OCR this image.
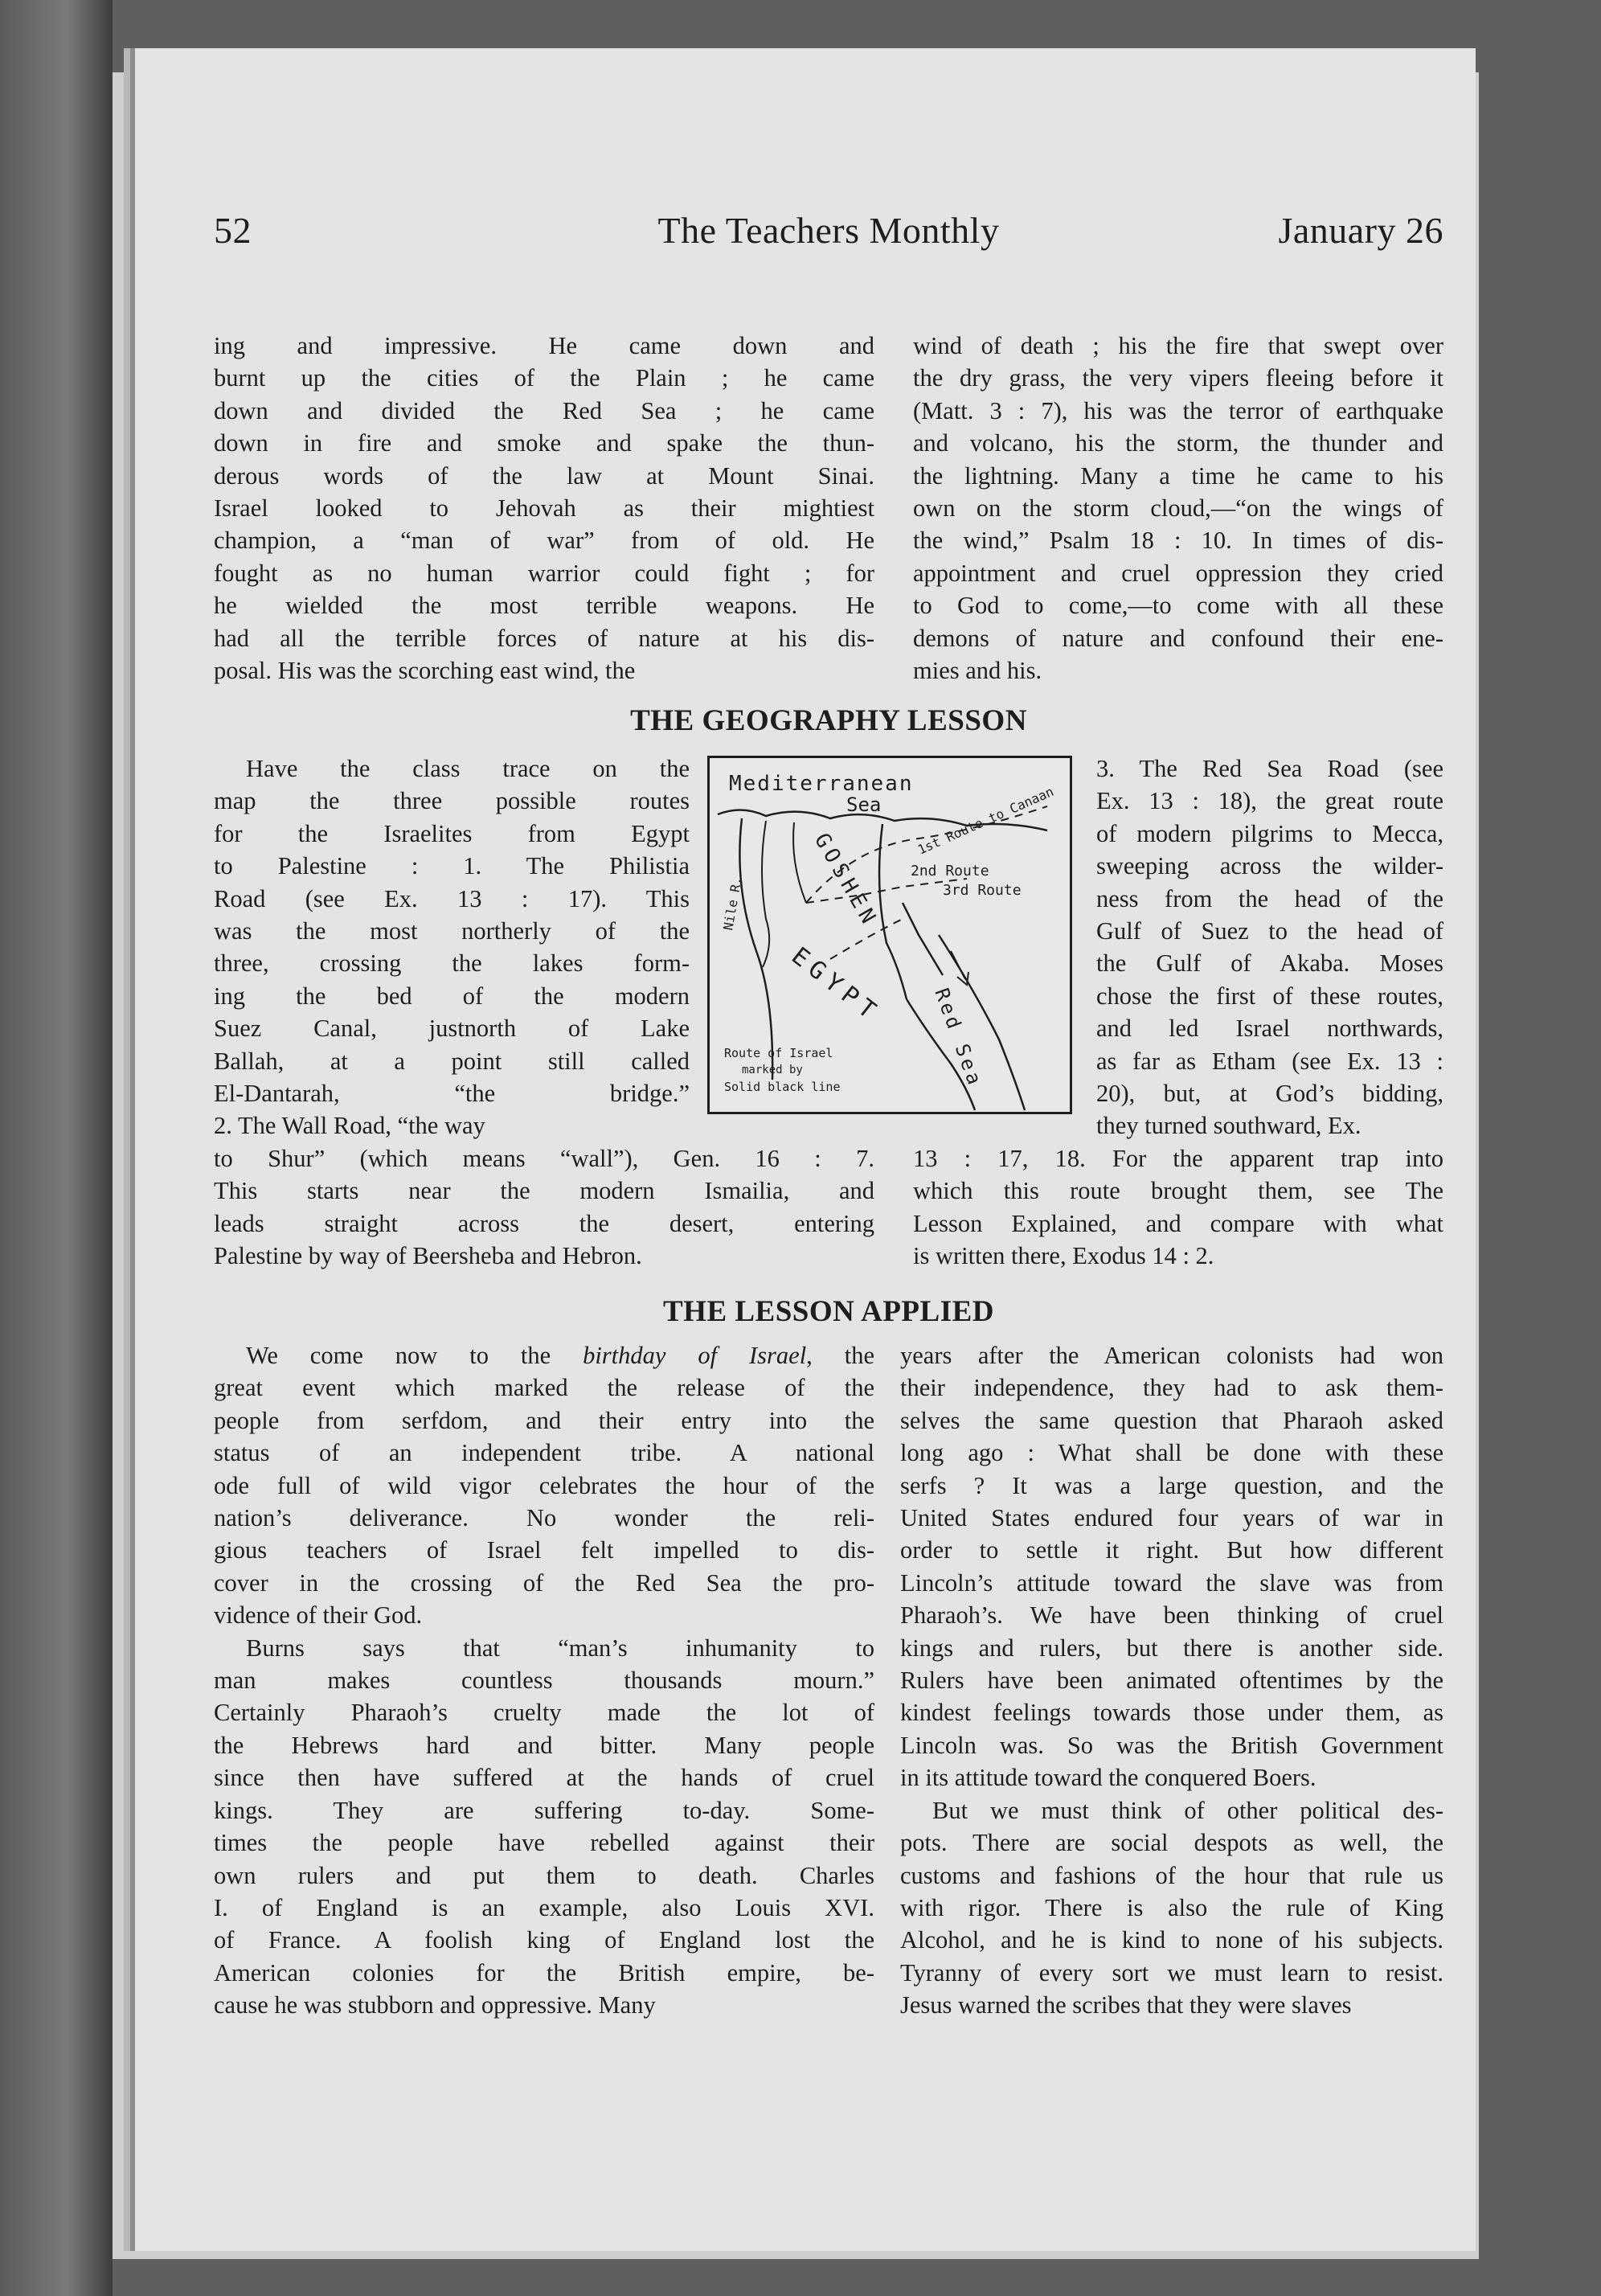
52	The Teachers Monthly	January 26
ing and impressive. He came down and
burnt up the cities of the Plain ; he came
down and divided the Red Sea ; he came
down in fire and smoke and spake the thun-
derous words of the law at Mount Sinai.
Israel looked to Jehovah as their mightiest
champion, a “man of war” from of old. He
fought as no human warrior could fight ; for
he wielded the most terrible weapons. He
had all the terrible forces of nature at his dis-
posal. His was the scorching east wind, the
wind of death ; his the fire that swept over
the dry grass, the very vipers fleeing before it
(Matt. 3 : 7), his was the terror of earthquake
and volcano, his the storm, the thunder and
the lightning. Many a time he came to his
own on the storm cloud,—“on the wings of
the wind,” Psalm 18 : 10. In times of dis-
appointment and cruel oppression they cried
to God to come,—to come with all these
demons of nature and confound their ene-
mies and his.
THE GEOGRAPHY LESSON
Have the class trace on the
map the three possible routes
for the Israelites from Egypt
to Palestine : 1. The Philistia
Road (see Ex. 13 : 17). This
was the most northerly of the
three, crossing the lakes form-
ing the bed of the modern
Suez Canal, justnorth of Lake
Ballah, at a point still called
El-Dantarah, “the bridge.”
2. The Wall Road, “the way
3. The Red Sea Road (see
Ex. 13 : 18), the great route
of modern pilgrims to Mecca,
sweeping across the wilder-
ness from the head of the
Gulf of Suez to the head of
the Gulf of Akaba. Moses
chose the first of these routes,
and led Israel northwards,
as far as Etham (see Ex. 13 :
20), but, at God’s bidding,
they turned southward, Ex.
Mediterranean
Sea	1st Route to Canaan
2nd Route
3rd Route
GOSHEN
Nile R.
EGYPT Red Sea
Route of Israel
marked by
Solid black line
to Shur” (which means “wall”), Gen. 16 : 7.
This starts near the modern Ismailia, and
leads straight across the desert, entering
Palestine by way of Beersheba and Hebron.
13 : 17, 18. For the apparent trap into
which this route brought them, see The
Lesson Explained, and compare with what
is written there, Exodus 14 : 2.
THE LESSON APPLIED
We come now to the birthday of Israel, the
great event which marked the release of the
people from serfdom, and their entry into the
status of an independent tribe. A national
ode full of wild vigor celebrates the hour of the
nation’s deliverance. No wonder the reli-
gious teachers of Israel felt impelled to dis-
cover in the crossing of the Red Sea the pro-
vidence of their God.
Burns says that “man’s inhumanity to
man makes countless thousands mourn.”
Certainly Pharaoh’s cruelty made the lot of
the Hebrews hard and bitter. Many people
since then have suffered at the hands of cruel
kings. They are suffering to-day. Some-
times the people have rebelled against their
own rulers and put them to death. Charles
I. of England is an example, also Louis XVI.
of France. A foolish king of England lost the
American colonies for the British empire, be-
cause he was stubborn and oppressive. Many
years after the American colonists had won
their independence, they had to ask them-
selves the same question that Pharaoh asked
long ago : What shall be done with these
serfs ? It was a large question, and the
United States endured four years of war in
order to settle it right. But how different
Lincoln’s attitude toward the slave was from
Pharaoh’s. We have been thinking of cruel
kings and rulers, but there is another side.
Rulers have been animated oftentimes by the
kindest feelings towards those under them, as
Lincoln was. So was the British Government
in its attitude toward the conquered Boers.
But we must think of other political des-
pots. There are social despots as well, the
customs and fashions of the hour that rule us
with rigor. There is also the rule of King
Alcohol, and he is kind to none of his subjects.
Tyranny of every sort we must learn to resist.
Jesus warned the scribes that they were slaves
